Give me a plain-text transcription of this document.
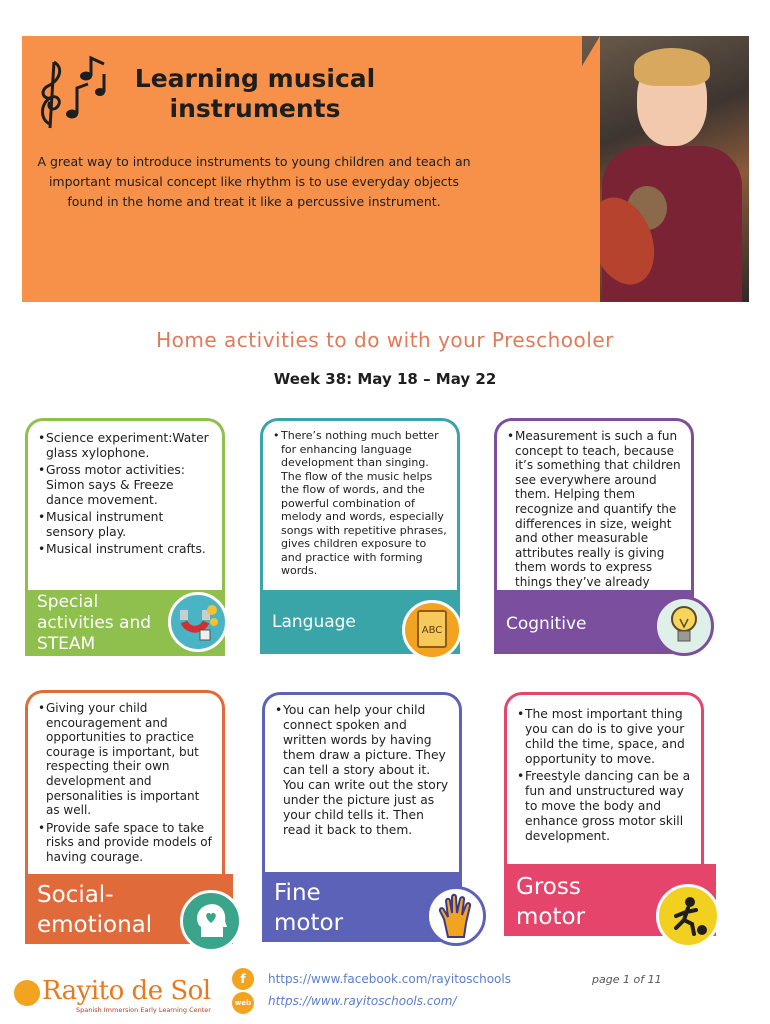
Learning musical
instruments
A great way to introduce instruments to young children and teach an important musical concept like rhythm is to use everyday objects found in the home and treat it like a percussive instrument.
Home activities to do with your Preschooler
Week 38: May 18 – May 22
• Science experiment:Water glass xylophone.
• Gross motor activities: Simon says & Freeze dance movement.
• Musical instrument sensory play.
• Musical instrument crafts.
Special activities and STEAM
• There’s nothing much better for enhancing language development than singing. The flow of the music helps the flow of words, and the powerful combination of melody and words, especially songs with repetitive phrases, gives children exposure to and practice with forming words.
Language	ABC
• Measurement is such a fun concept to teach, because it’s something that children see everywhere around them. Helping them recognize and quantify the differences in size, weight and other measurable attributes really is giving them words to express things they’ve already
Cognitive
• Giving your child encouragement and opportunities to practice courage is important, but respecting their own development and personalities is important as well.
• Provide safe space to take risks and provide models of having courage.
Social-
emotional
• You can help your child connect spoken and written words by having them draw a picture. They can tell a story about it. You can write out the story under the picture just as your child tells it. Then read it back to them.
Fine
motor
• The most important thing you can do is to give your child the time, space, and opportunity to move.
• Freestyle dancing can be a fun and unstructured way to move the body and enhance gross motor skill development.
Gross
motor
Rayito de Sol
Spanish Immersion Early Learning Center
f
web
https://www.facebook.com/rayitoschools
https://www.rayitoschools.com/
page 1 of 11
